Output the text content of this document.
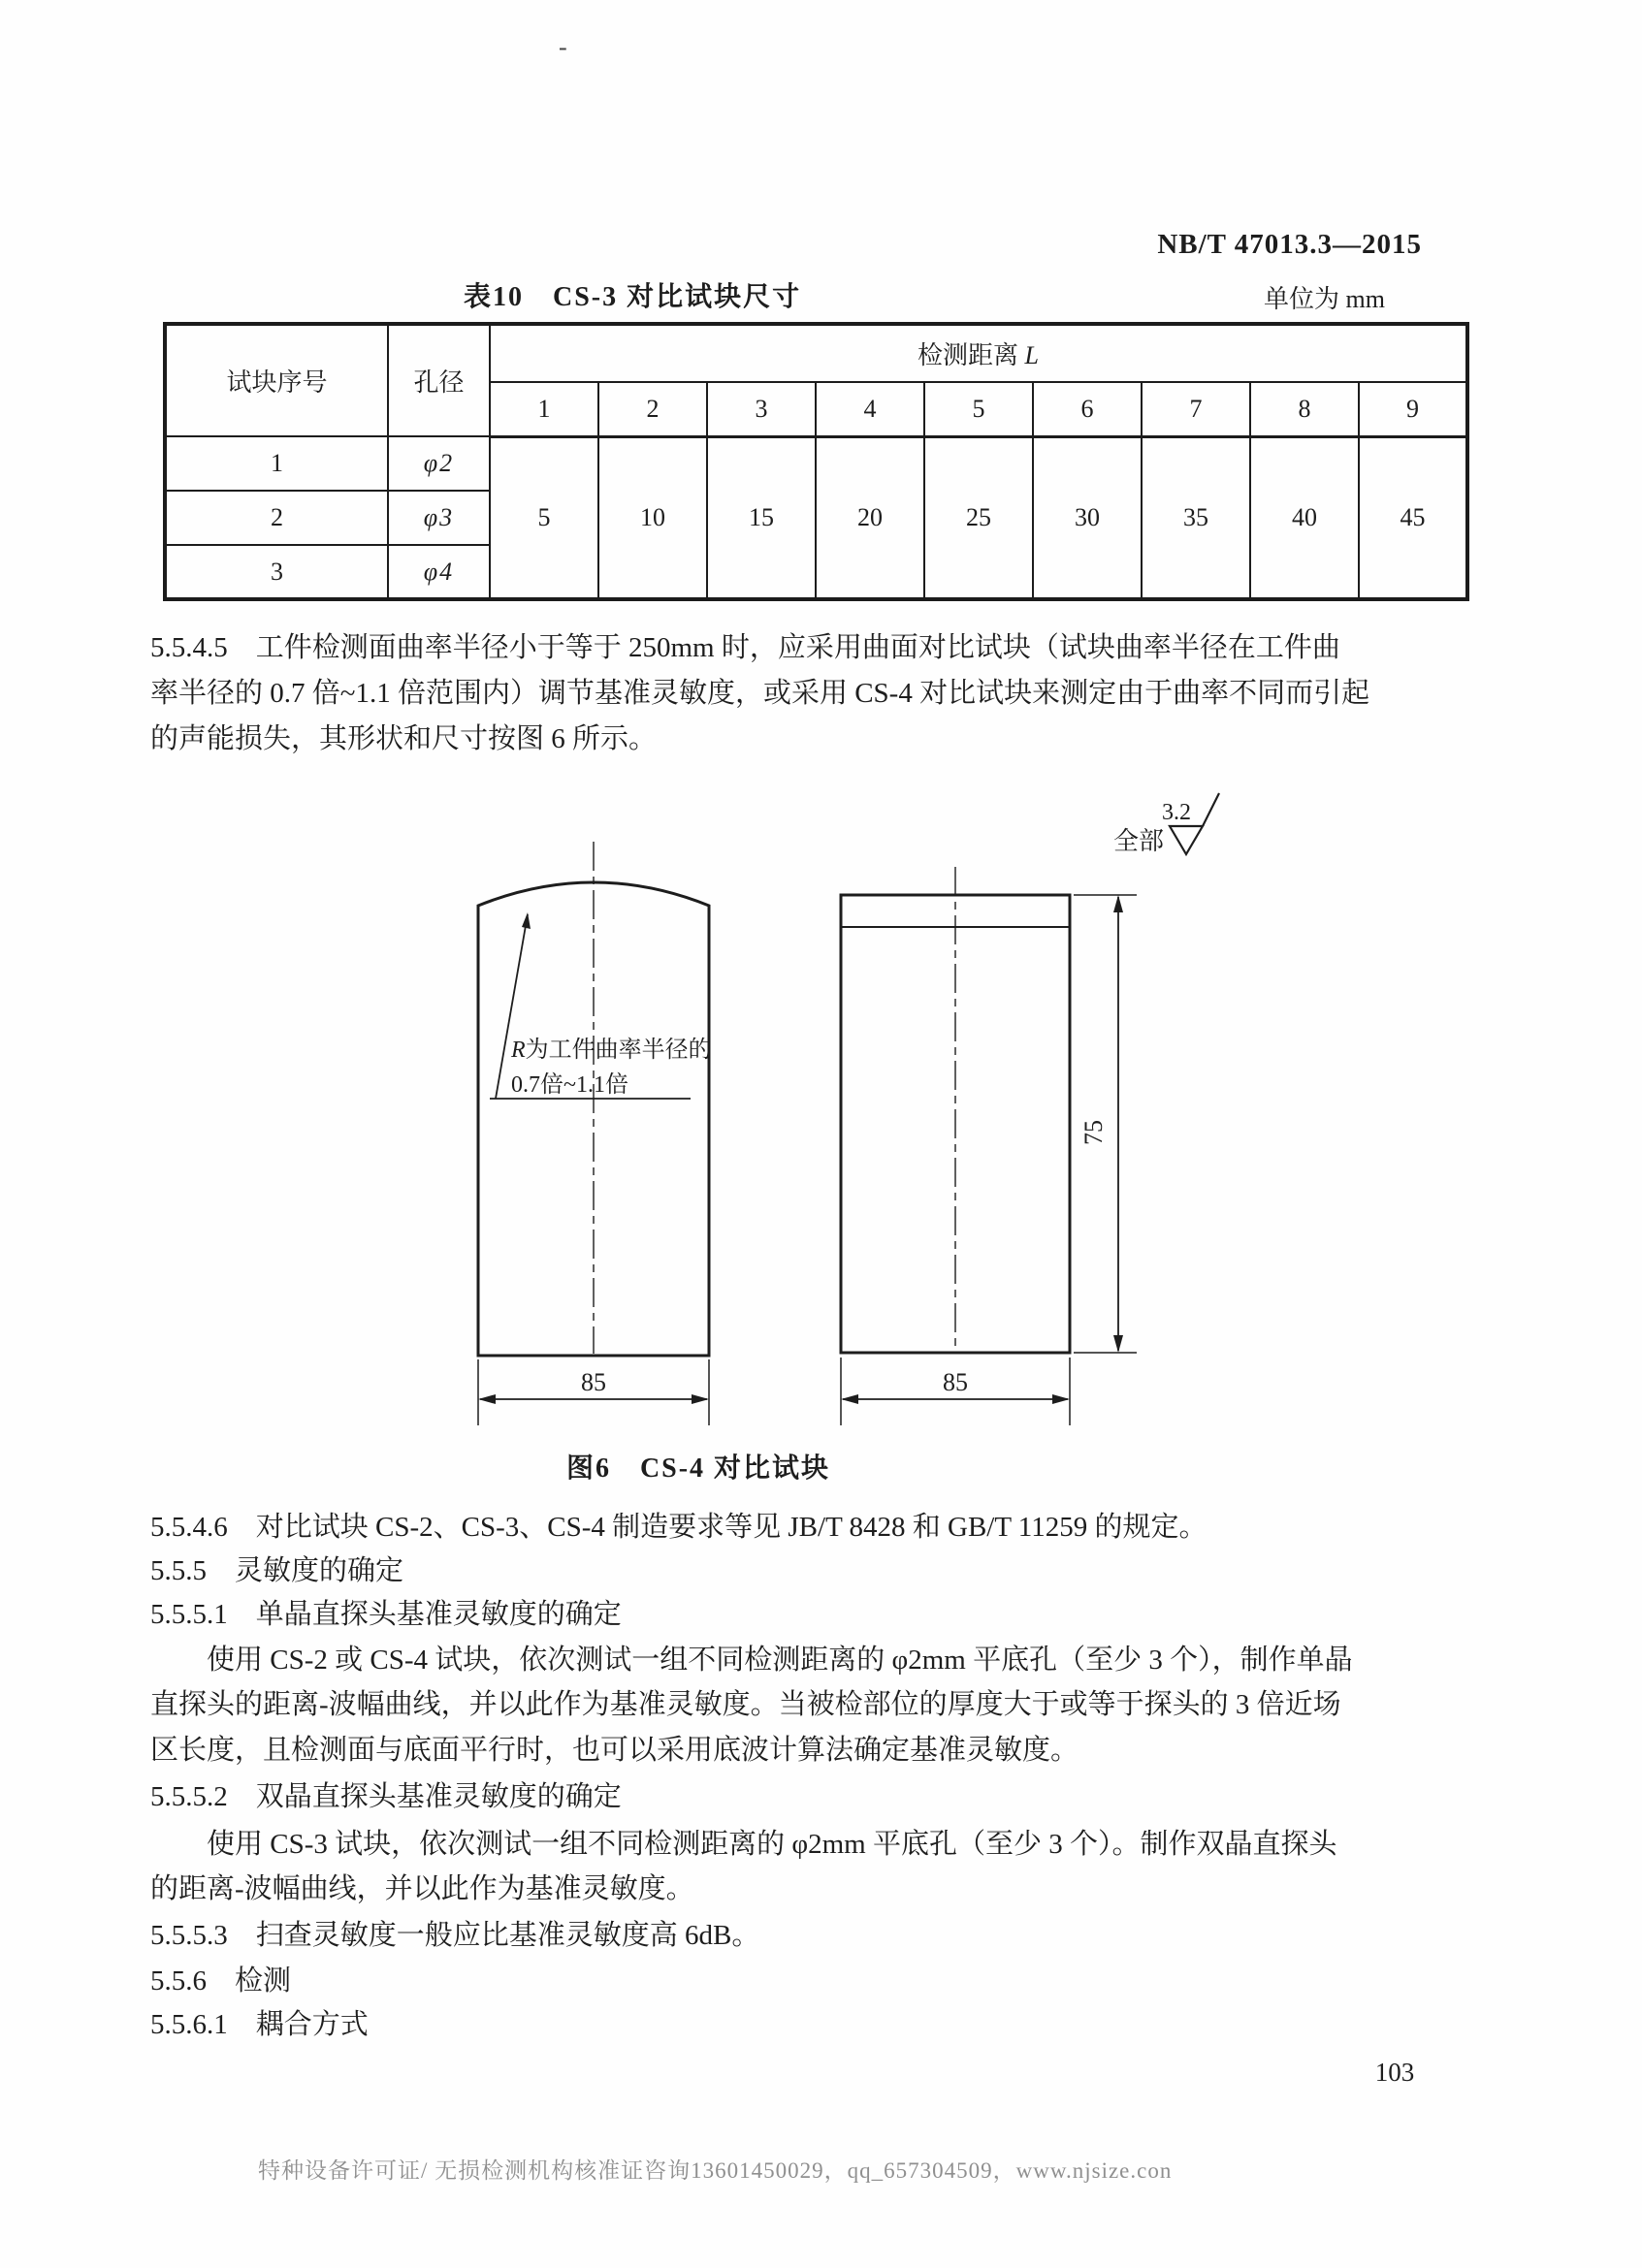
-
NB/T 47013.3—2015
表10　CS-3 对比试块尺寸	单位为 mm
试块序号	孔径	检测距离 L								
		1	2	3	4	5	6	7	8	9
1	φ2	5	10	15	20	25	30	35	40	45
2	φ3									
3	φ4									
5.5.4.5　工件检测面曲率半径小于等于 250mm 时，应采用曲面对比试块（试块曲率半径在工件曲
率半径的 0.7 倍~1.1 倍范围内）调节基准灵敏度，或采用 CS-4 对比试块来测定由于曲率不同而引起
的声能损失，其形状和尺寸按图 6 所示。
5.5.4.6　对比试块 CS-2、CS-3、CS-4 制造要求等见 JB/T 8428 和 GB/T 11259 的规定。
5.5.5　灵敏度的确定
5.5.5.1　单晶直探头基准灵敏度的确定
使用 CS-2 或 CS-4 试块，依次测试一组不同检测距离的 φ2mm 平底孔（至少 3 个），制作单晶
直探头的距离-波幅曲线，并以此作为基准灵敏度。当被检部位的厚度大于或等于探头的 3 倍近场
区长度，且检测面与底面平行时，也可以采用底波计算法确定基准灵敏度。
5.5.5.2　双晶直探头基准灵敏度的确定
使用 CS-3 试块，依次测试一组不同检测距离的 φ2mm 平底孔（至少 3 个）。制作双晶直探头
的距离-波幅曲线，并以此作为基准灵敏度。
5.5.5.3　扫查灵敏度一般应比基准灵敏度高 6dB。
5.5.6　检测
5.5.6.1　耦合方式
全部
3.2
R为工件曲率半径的
0.7倍~1.1倍
85	85
75
图6　CS-4 对比试块
103
特种设备许可证/ 无损检测机构核准证咨询13601450029，qq_657304509，www.njsize.con
